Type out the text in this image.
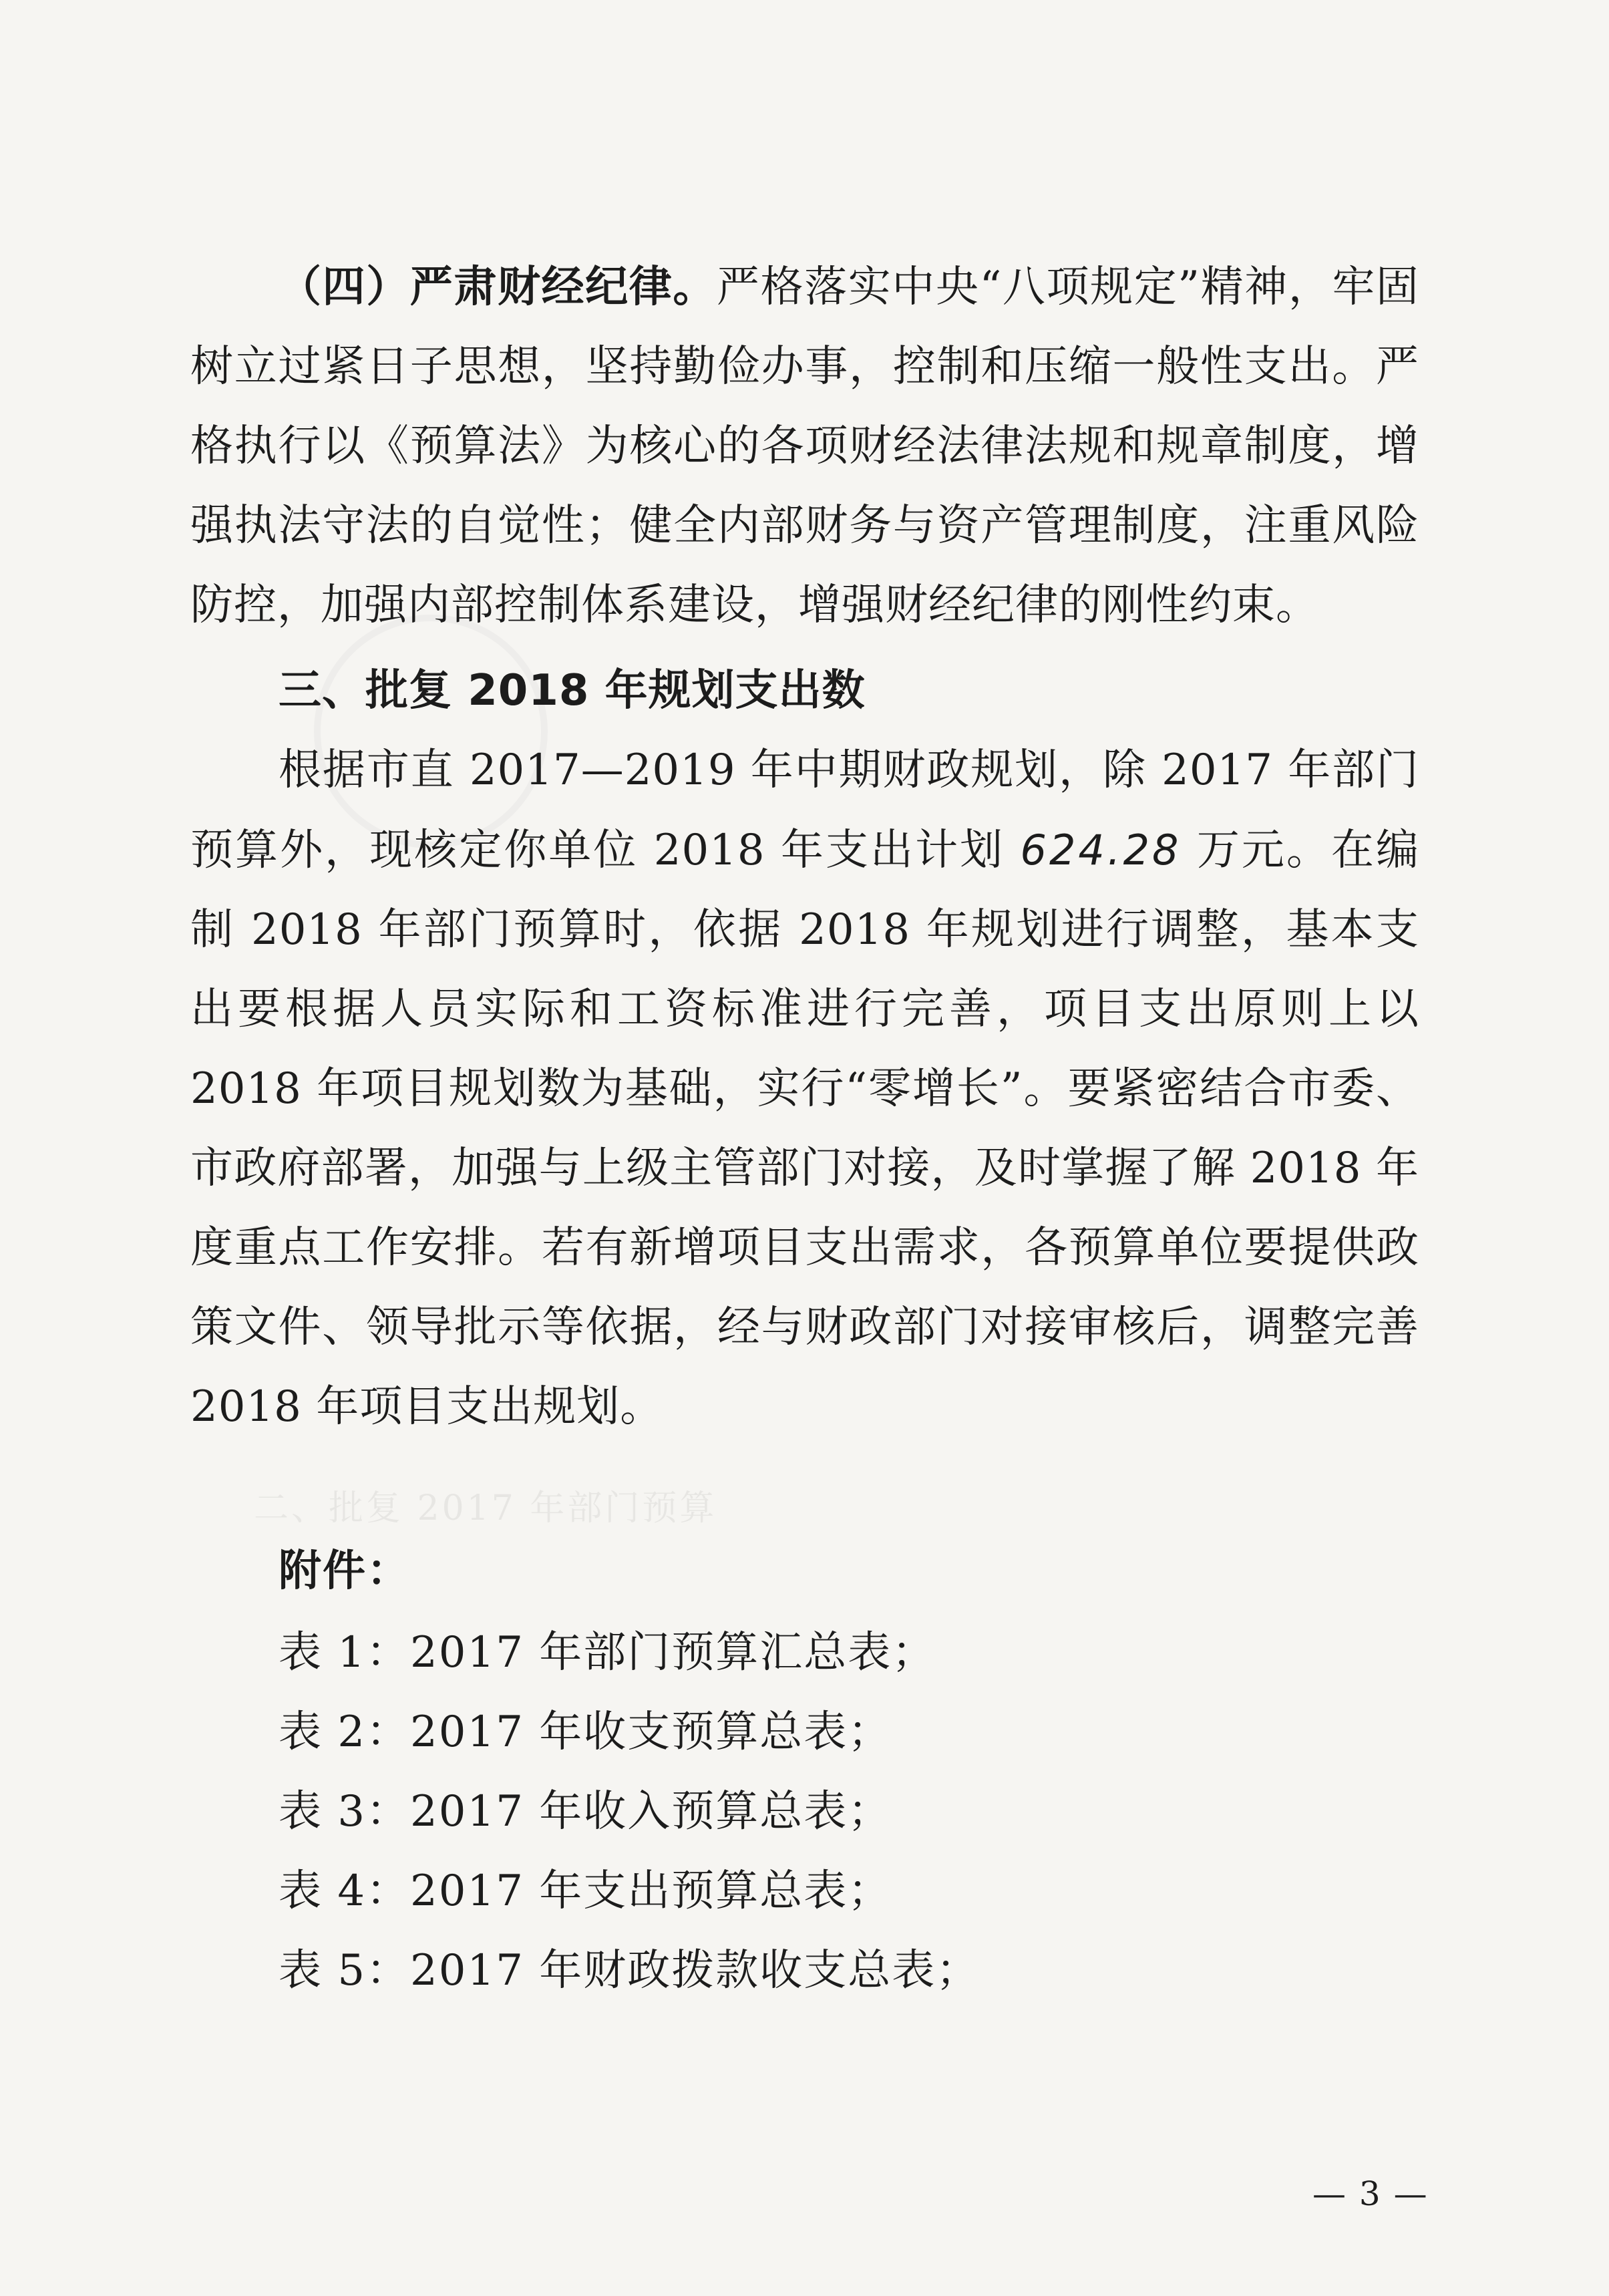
二、批复 2017 年部门预算

（四）严肃财经纪律。严格落实中央“八项规定”精神，牢固树立过紧日子思想，坚持勤俭办事，控制和压缩一般性支出。严格执行以《预算法》为核心的各项财经法律法规和规章制度，增强执法守法的自觉性；健全内部财务与资产管理制度，注重风险防控，加强内部控制体系建设，增强财经纪律的刚性约束。

三、批复 2018 年规划支出数

根据市直 2017—2019 年中期财政规划，除 2017 年部门预算外，现核定你单位 2018 年支出计划 624.28 万元。在编制 2018 年部门预算时，依据 2018 年规划进行调整，基本支出要根据人员实际和工资标准进行完善，项目支出原则上以 2018 年项目规划数为基础，实行“零增长”。要紧密结合市委、市政府部署，加强与上级主管部门对接，及时掌握了解 2018 年度重点工作安排。若有新增项目支出需求，各预算单位要提供政策文件、领导批示等依据，经与财政部门对接审核后，调整完善 2018 年项目支出规划。

附件：
表 1：2017 年部门预算汇总表；
表 2：2017 年收支预算总表；
表 3：2017 年收入预算总表；
表 4：2017 年支出预算总表；
表 5：2017 年财政拨款收支总表；
— 3 —
